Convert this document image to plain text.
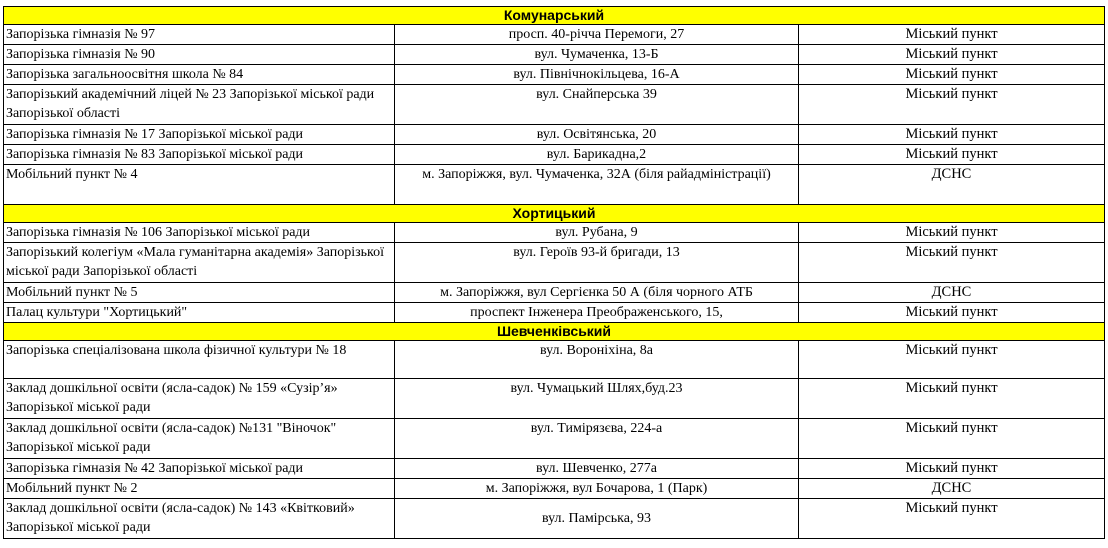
Комунарський		
Запорізька гімназія № 97	просп. 40-річча Перемоги, 27	Міський пункт
Запорізька гімназія № 90	вул. Чумаченка, 13-Б	Міський пункт
Запорізька загальноосвітня школа № 84	вул. Північнокільцева, 16-А	Міський пункт
Запорізький академічний ліцей № 23 Запорізької міської ради Запорізької області	вул. Снайперська 39	Міський пункт
Запорізька гімназія № 17 Запорізької міської ради	вул. Освітянська, 20	Міський пункт
Запорізька гімназія № 83 Запорізької міської ради	вул. Барикадна,2	Міський пункт
Мобільний пункт № 4	м. Запоріжжя, вул. Чумаченка, 32А (біля райадміністрації)	ДСНС
Хортицький		
Запорізька гімназія № 106 Запорізької міської ради	вул. Рубана, 9	Міський пункт
Запорізький колегіум «Мала гуманітарна академія» Запорізької міської ради Запорізької області	вул. Героїв 93-й бригади, 13	Міський пункт
Мобільний пункт № 5	м. Запоріжжя, вул Сергієнка 50 А (біля чорного АТБ	ДСНС
Палац культури "Хортицький"	проспект Інженера Преображенського, 15,	Міський пункт
Шевченківський		
Запорізька спеціалізована школа фізичної культури № 18	вул. Вороніхіна, 8а	Міський пункт
Заклад дошкільної освіти (ясла-садок) № 159 «Сузір’я» Запорізької міської ради	вул. Чумацький Шлях,буд.23	Міський пункт
Заклад дошкільної освіти (ясла-садок) №131 "Віночок" Запорізької міської ради	вул. Тимірязєва, 224-а	Міський пункт
Запорізька гімназія № 42 Запорізької міської ради	вул. Шевченко, 277а	Міський пункт
Мобільний пункт № 2	м. Запоріжжя, вул Бочарова, 1 (Парк)	ДСНС
Заклад дошкільної освіти (ясла-садок) № 143 «Квітковий» Запорізької міської ради	вул. Памірська, 93	Міський пункт
